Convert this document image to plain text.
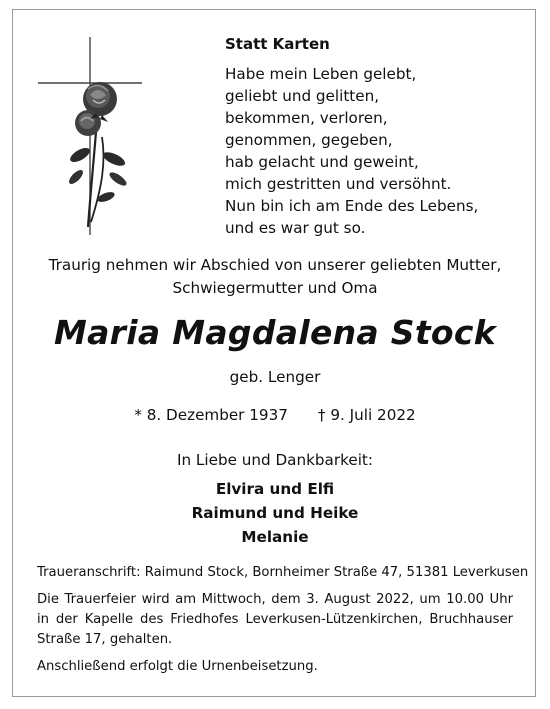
Statt Karten
Habe mein Leben gelebt,
geliebt und gelitten,
bekommen, verloren,
genommen, gegeben,
hab gelacht und geweint,
mich gestritten und versöhnt.
Nun bin ich am Ende des Lebens,
und es war gut so.
Traurig nehmen wir Abschied von unserer geliebten Mutter,
Schwiegermutter und Oma
Maria Magdalena Stock
geb. Lenger
* 8. Dezember 1937 † 9. Juli 2022
In Liebe und Dankbarkeit:
Elvira und Elfi
Raimund und Heike
Melanie
Traueranschrift: Raimund Stock, Bornheimer Straße 47, 51381 Leverkusen
Die Trauerfeier wird am Mittwoch, dem 3. August 2022, um 10.00 Uhr in der Kapelle des Friedhofes Leverkusen-Lützenkirchen, Bruchhauser Straße 17, gehalten.
Anschließend erfolgt die Urnenbeisetzung.
